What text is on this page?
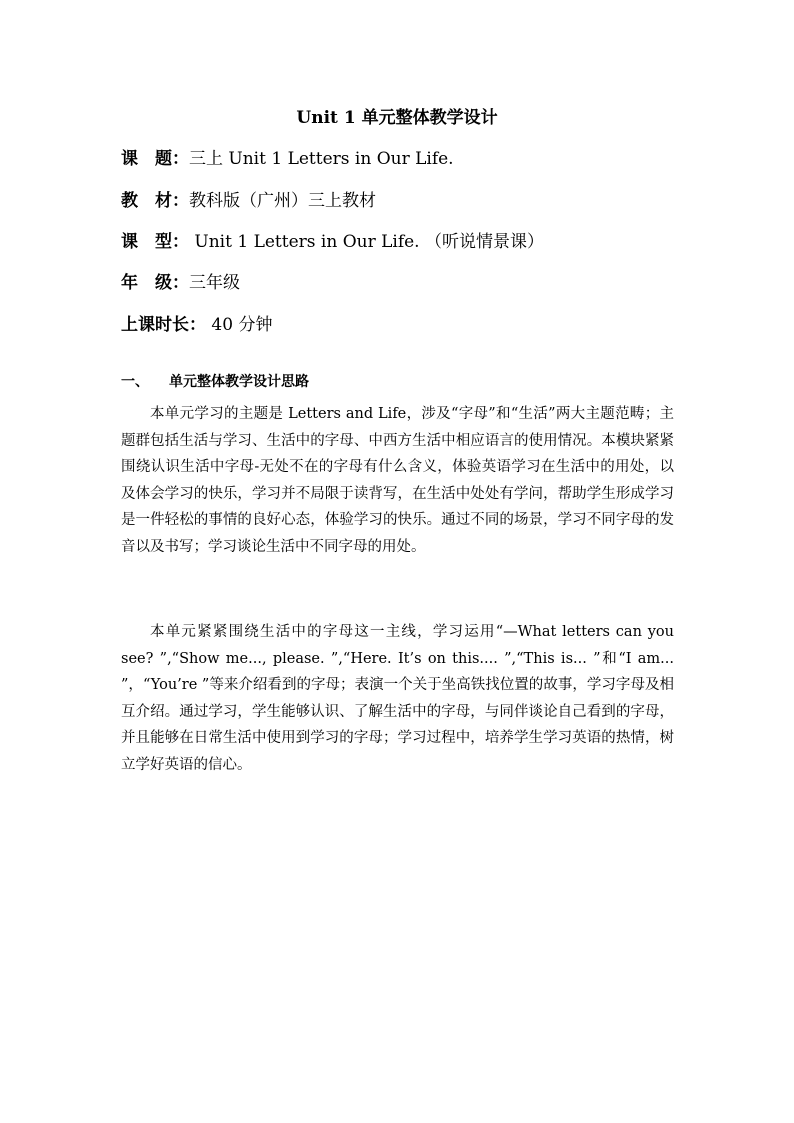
Unit 1 单元整体教学设计
课　题：三上 Unit 1 Letters in Our Life.
教　材：教科版（广州）三上教材
课　型： Unit 1 Letters in Our Life. （听说情景课）
年　级：三年级
上课时长： 40 分钟
一、 单元整体教学设计思路

本单元学习的主题是 Letters and Life，涉及“字母”和“生活”两大主题范畴；主题群包括生活与学习、生活中的字母、中西方生活中相应语言的使用情况。本模块紧紧围绕认识生活中字母-无处不在的字母有什么含义，体验英语学习在生活中的用处，以及体会学习的快乐，学习并不局限于读背写，在生活中处处有学问，帮助学生形成学习是一件轻松的事情的良好心态，体验学习的快乐。通过不同的场景，学习不同字母的发音以及书写；学习谈论生活中不同字母的用处。

本单元紧紧围绕生活中的字母这一主线，学习运用“—What letters can you see? ”,“Show me..., please. ”,“Here. It’s on this.... ”,“This is... ”和“I am... ”，“You’re ”等来介绍看到的字母；表演一个关于坐高铁找位置的故事，学习字母及相互介绍。通过学习，学生能够认识、了解生活中的字母，与同伴谈论自己看到的字母，并且能够在日常生活中使用到学习的字母；学习过程中，培养学生学习英语的热情，树立学好英语的信心。
